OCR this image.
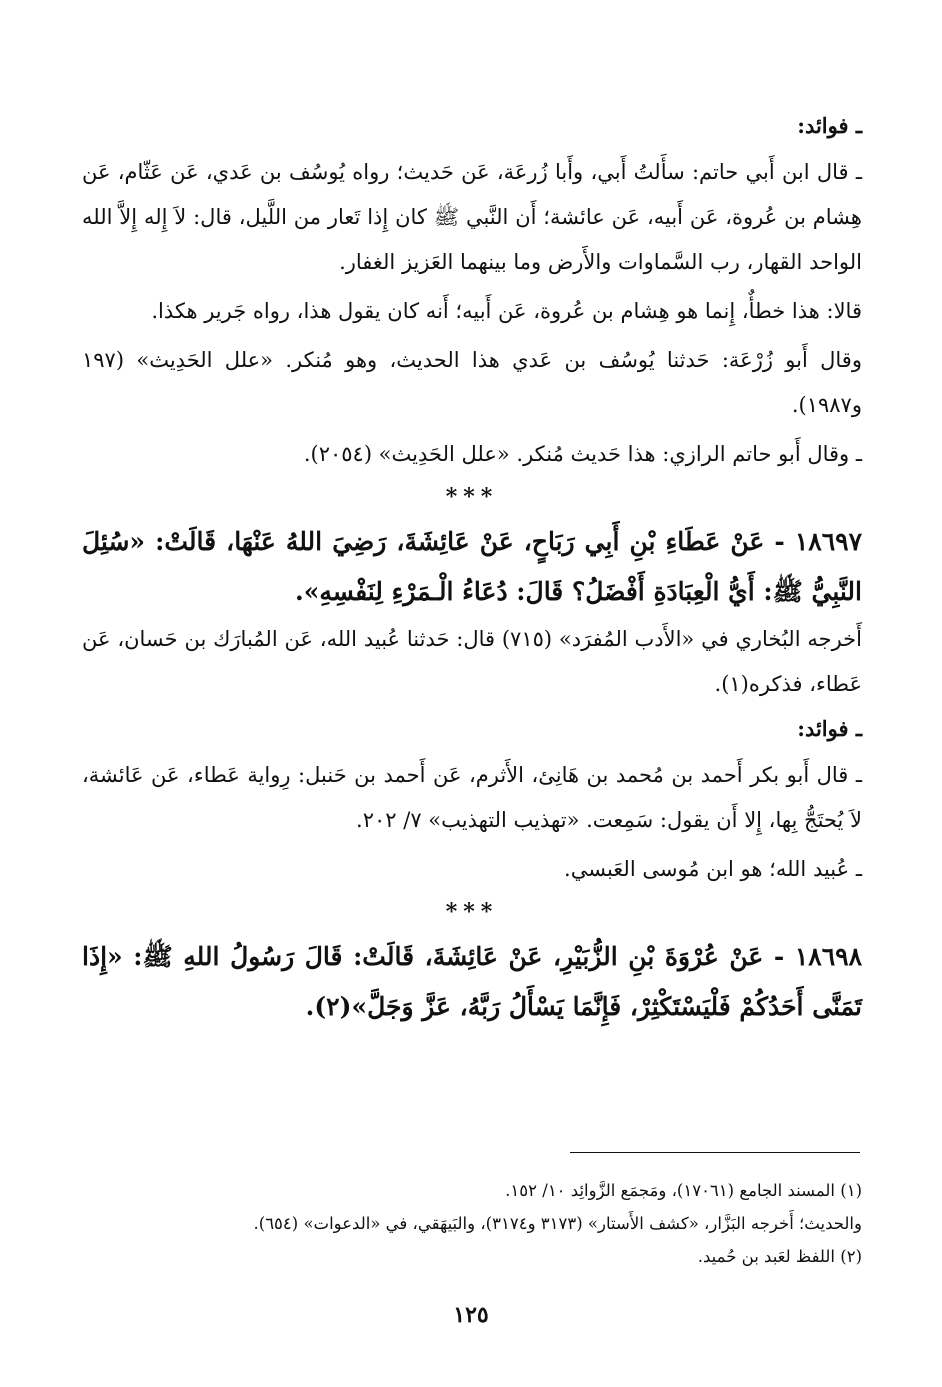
ـ فوائد:

ـ قال ابن أَبي حاتم: سأَلتُ أَبي، وأَبا زُرعَة، عَن حَديث؛ رواه يُوسُف بن عَدي، عَن عَثّام، عَن هِشام بن عُروة، عَن أَبيه، عَن عائشة؛ أَن النَّبي ﷺ كان إِذا تَعار من اللَّيل، قال: لاَ إِله إِلاَّ الله الواحد القهار، رب السَّماوات والأَرض وما بينهما العَزيز الغفار.

قالا: هذا خطأٌ، إِنما هو هِشام بن عُروة، عَن أَبيه؛ أَنه كان يقول هذا، رواه جَرير هكذا.

وقال أَبو زُرْعَة: حَدثنا يُوسُف بن عَدي هذا الحديث، وهو مُنكر. «علل الحَدِيث» (١٩٧ و١٩٨٧).

ـ وقال أَبو حاتم الرازي: هذا حَديث مُنكر. «علل الحَدِيث» (٢٠٥٤).

***

١٨٦٩٧ - عَنْ عَطَاءِ بْنِ أَبِي رَبَاحٍ، عَنْ عَائِشَةَ، رَضِيَ اللهُ عَنْهَا، قَالَتْ: «سُئِلَ النَّبِيُّ ﷺ: أَيُّ الْعِبَادَةِ أَفْضَلُ؟ قَالَ: دُعَاءُ الْـمَرْءِ لِنَفْسِهِ».

أَخرجه البُخاري في «الأَدب المُفرَد» (٧١٥) قال: حَدثنا عُبيد الله، عَن المُبارَك بن حَسان، عَن عَطاء، فذكره(١).

ـ فوائد:

ـ قال أَبو بكر أَحمد بن مُحمد بن هَانِئ، الأَثرم، عَن أَحمد بن حَنبل: رِواية عَطاء، عَن عَائشة، لاَ يُحتَجُّ بِها، إِلا أَن يقول: سَمِعت. «تهذيب التهذيب» ٧/ ٢٠٢.

ـ عُبيد الله؛ هو ابن مُوسى العَبسي.

***

١٨٦٩٨ - عَنْ عُرْوَةَ بْنِ الزُّبَيْرِ، عَنْ عَائِشَةَ، قَالَتْ: قَالَ رَسُولُ اللهِ ﷺ: «إِذَا تَمَنَّى أَحَدُكُمْ فَلْيَسْتَكْثِرْ، فَإِنَّمَا يَسْأَلُ رَبَّهُ، عَزَّ وَجَلَّ»(٢).

(١) المسند الجامع (١٧٠٦١)، ومَجمَع الزَّوائِد ١٠/ ١٥٢.
والحديث؛ أَخرجه البَزَّار، «كشف الأَستار» (٣١٧٣ و٣١٧٤)، والبَيهَقي، في «الدعوات» (٦٥٤).
(٢) اللفظ لعَبد بن حُميد.
١٢٥
